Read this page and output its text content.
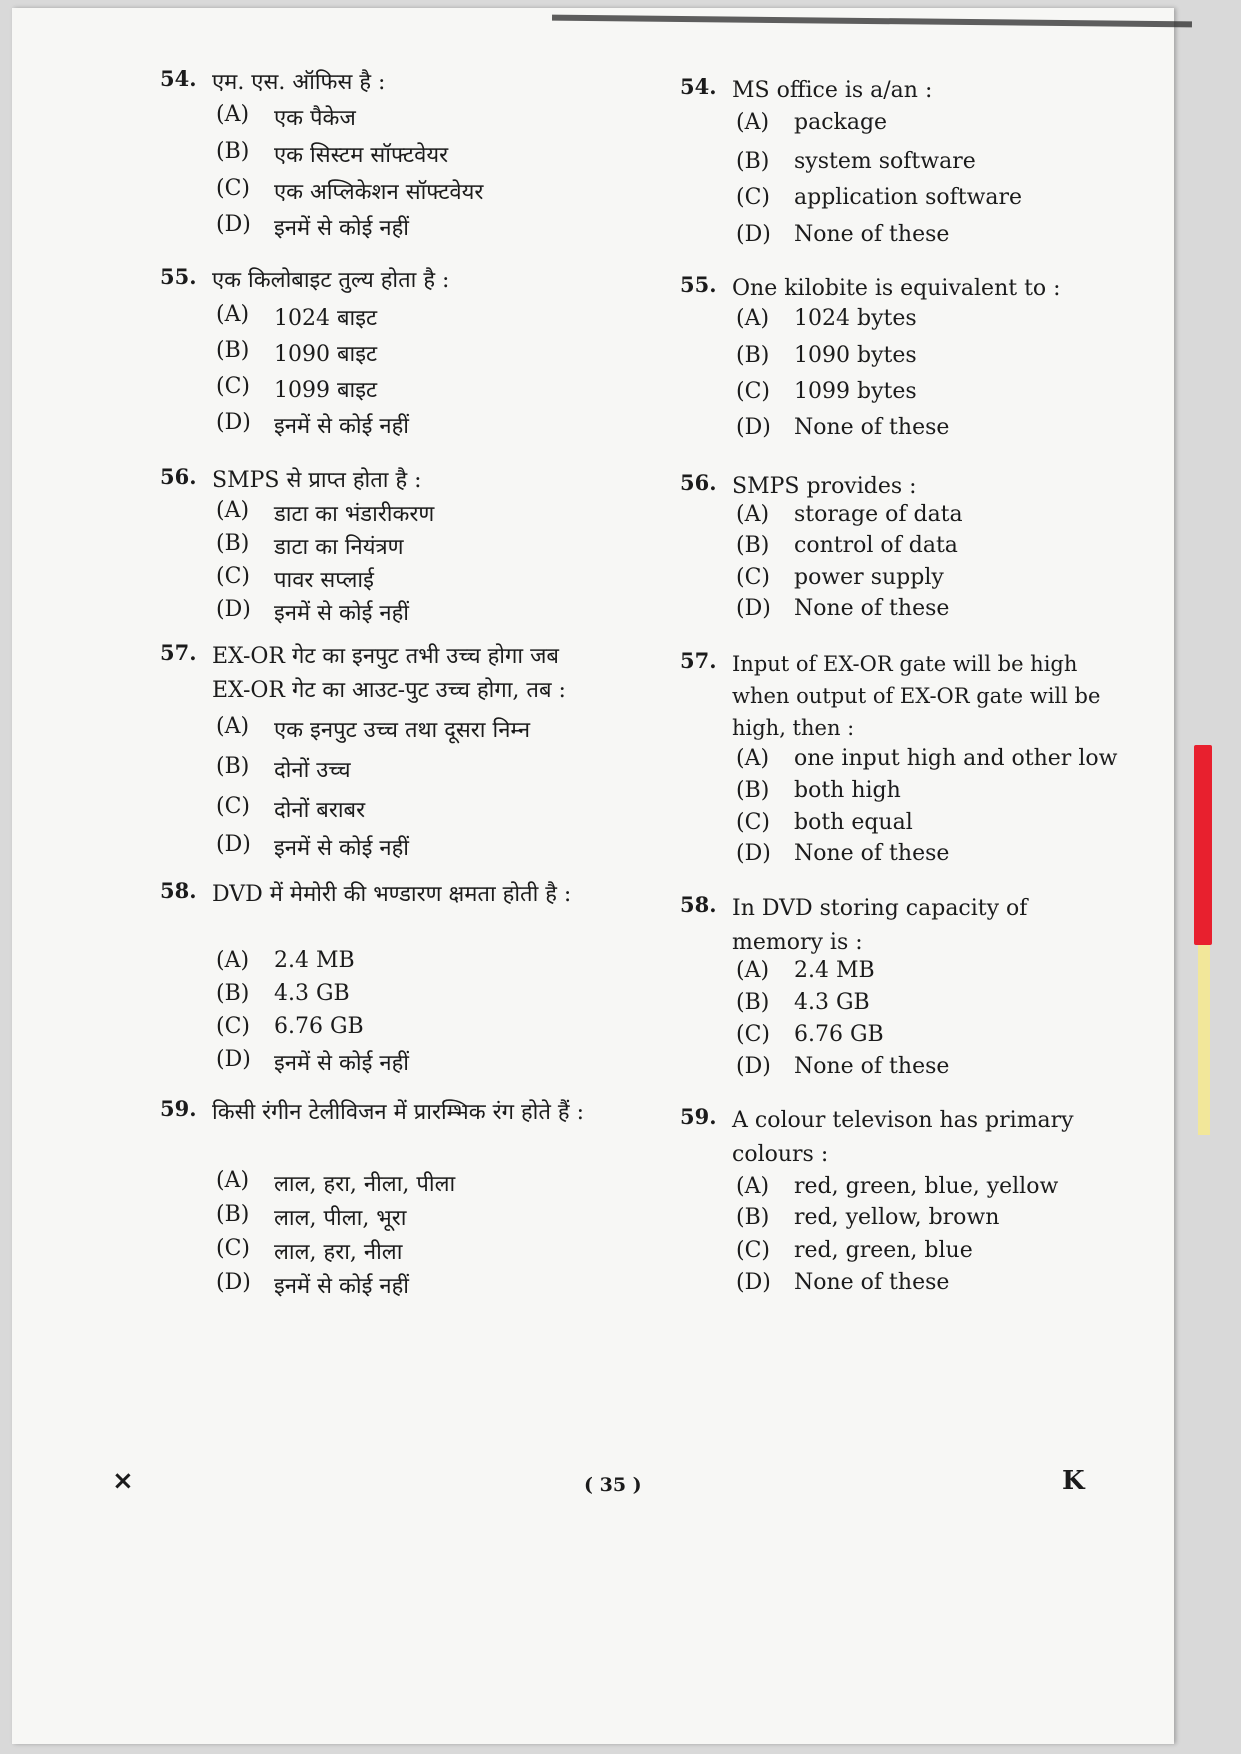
54. एम. एस. ऑफिस है :
(A) एक पैकेज
(B) एक सिस्टम सॉफ्टवेयर
(C) एक अप्लिकेशन सॉफ्टवेयर
(D) इनमें से कोई नहीं
55. एक किलोबाइट तुल्य होता है :
(A) 1024 बाइट
(B) 1090 बाइट
(C) 1099 बाइट
(D) इनमें से कोई नहीं
56. SMPS से प्राप्त होता है :
(A) डाटा का भंडारीकरण
(B) डाटा का नियंत्रण
(C) पावर सप्लाई
(D) इनमें से कोई नहीं
57. EX-OR गेट का इनपुट तभी उच्च होगा जब EX-OR गेट का आउट-पुट उच्च होगा, तब :
(A) एक इनपुट उच्च तथा दूसरा निम्न
(B) दोनों उच्च
(C) दोनों बराबर
(D) इनमें से कोई नहीं
58. DVD में मेमोरी की भण्डारण क्षमता होती है :
(A) 2.4 MB
(B) 4.3 GB
(C) 6.76 GB
(D) इनमें से कोई नहीं
59. किसी रंगीन टेलीविजन में प्रारम्भिक रंग होते हैं :
(A) लाल, हरा, नीला, पीला
(B) लाल, पीला, भूरा
(C) लाल, हरा, नीला
(D) इनमें से कोई नहीं
54. MS office is a/an :
(A) package
(B) system software
(C) application software
(D) None of these
55. One kilobite is equivalent to :
(A) 1024 bytes
(B) 1090 bytes
(C) 1099 bytes
(D) None of these
56. SMPS provides :
(A) storage of data
(B) control of data
(C) power supply
(D) None of these
57. Input of EX-OR gate will be high when output of EX-OR gate will be high, then :
(A) one input high and other low
(B) both high
(C) both equal
(D) None of these
58. In DVD storing capacity of memory is :
(A) 2.4 MB
(B) 4.3 GB
(C) 6.76 GB
(D) None of these
59. A colour televison has primary colours :
(A) red, green, blue, yellow
(B) red, yellow, brown
(C) red, green, blue
(D) None of these
×	( 35 )	K
